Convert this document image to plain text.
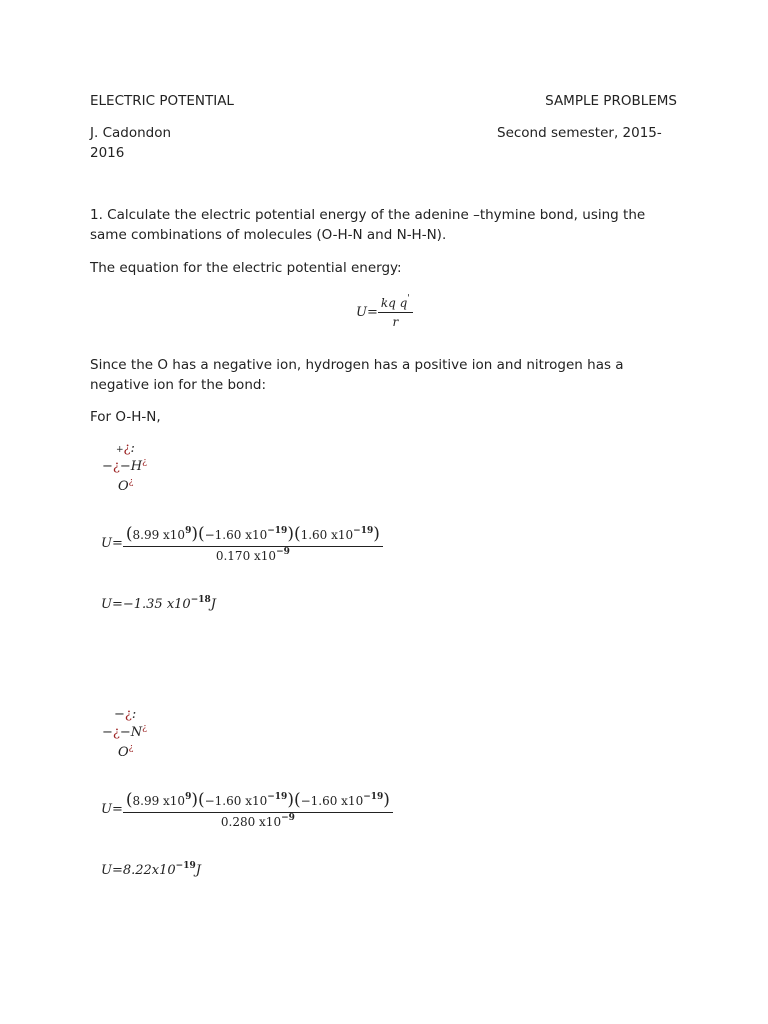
ELECTRIC POTENTIAL	SAMPLE PROBLEMS
J. Cadondon	Second semester, 2015-
2016
1. Calculate the electric potential energy of the adenine –thymine bond, using the
same combinations of molecules (O-H-N and N-H-N).
The equation for the electric potential energy:
$U = \frac{kq q'}{r}$
Since the O has a negative ion, hydrogen has a positive ion and nitrogen has a
negative ion for the bond:
For O-H-N,
+¿:
−¿−H¿
O¿
$U= \frac{(8.99 x10^9)(-1.60 x10^{-19})(1.60 x10^{-19})}{0.170 x10^{-9}}$
U=−1.35 $x10^{-18}J$
−¿:
−¿−N¿
O¿
$U= \frac{(8.99 x10^9)(-1.60 x10^{-19})(-1.60 x10^{-19})}{0.280 x10^{-9}}$
$U=8.22x10^{-19}J$
